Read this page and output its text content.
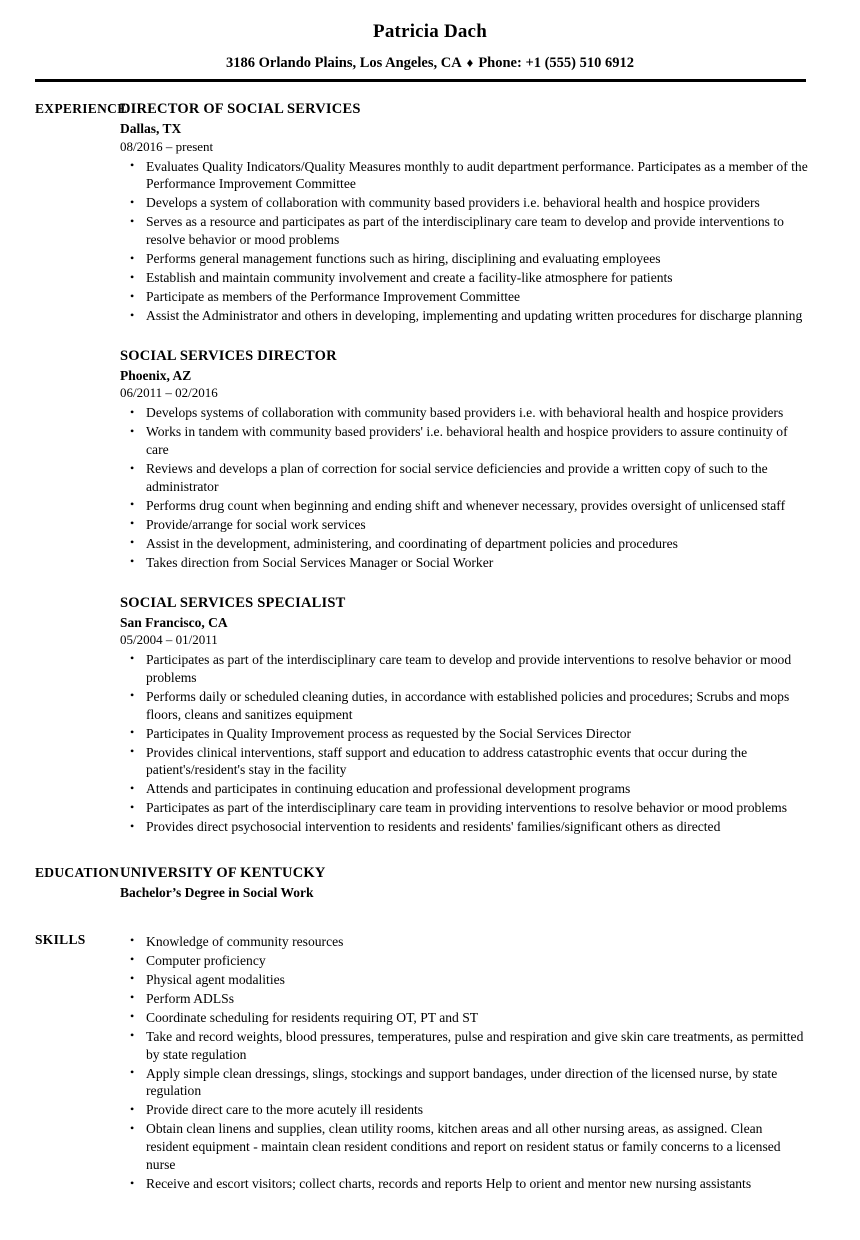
Patricia Dach
3186 Orlando Plains, Los Angeles, CA ♦ Phone: +1 (555) 510 6912
EXPERIENCE
DIRECTOR OF SOCIAL SERVICES
Dallas, TX
08/2016 – present
• Evaluates Quality Indicators/Quality Measures monthly to audit department performance. Participates as a member of the Performance Improvement Committee
• Develops a system of collaboration with community based providers i.e. behavioral health and hospice providers
• Serves as a resource and participates as part of the interdisciplinary care team to develop and provide interventions to resolve behavior or mood problems
• Performs general management functions such as hiring, disciplining and evaluating employees
• Establish and maintain community involvement and create a facility-like atmosphere for patients
• Participate as members of the Performance Improvement Committee
• Assist the Administrator and others in developing, implementing and updating written procedures for discharge planning
SOCIAL SERVICES DIRECTOR
Phoenix, AZ
06/2011 – 02/2016
• Develops systems of collaboration with community based providers i.e. with behavioral health and hospice providers
• Works in tandem with community based providers' i.e. behavioral health and hospice providers to assure continuity of care
• Reviews and develops a plan of correction for social service deficiencies and provide a written copy of such to the administrator
• Performs drug count when beginning and ending shift and whenever necessary, provides oversight of unlicensed staff
• Provide/arrange for social work services
• Assist in the development, administering, and coordinating of department policies and procedures
• Takes direction from Social Services Manager or Social Worker
SOCIAL SERVICES SPECIALIST
San Francisco, CA
05/2004 – 01/2011
• Participates as part of the interdisciplinary care team to develop and provide interventions to resolve behavior or mood problems
• Performs daily or scheduled cleaning duties, in accordance with established policies and procedures; Scrubs and mops floors, cleans and sanitizes equipment
• Participates in Quality Improvement process as requested by the Social Services Director
• Provides clinical interventions, staff support and education to address catastrophic events that occur during the patient's/resident's stay in the facility
• Attends and participates in continuing education and professional development programs
• Participates as part of the interdisciplinary care team in providing interventions to resolve behavior or mood problems
• Provides direct psychosocial intervention to residents and residents' families/significant others as directed
EDUCATION UNIVERSITY OF KENTUCKY
Bachelor’s Degree in Social Work
SKILLS	• Knowledge of community resources
• Computer proficiency
• Physical agent modalities
• Perform ADLSs
• Coordinate scheduling for residents requiring OT, PT and ST
• Take and record weights, blood pressures, temperatures, pulse and respiration and give skin care treatments, as permitted by state regulation
• Apply simple clean dressings, slings, stockings and support bandages, under direction of the licensed nurse, by state regulation
• Provide direct care to the more acutely ill residents
• Obtain clean linens and supplies, clean utility rooms, kitchen areas and all other nursing areas, as assigned. Clean resident equipment - maintain clean resident conditions and report on resident status or family concerns to a licensed nurse
• Receive and escort visitors; collect charts, records and reports Help to orient and mentor new nursing assistants
